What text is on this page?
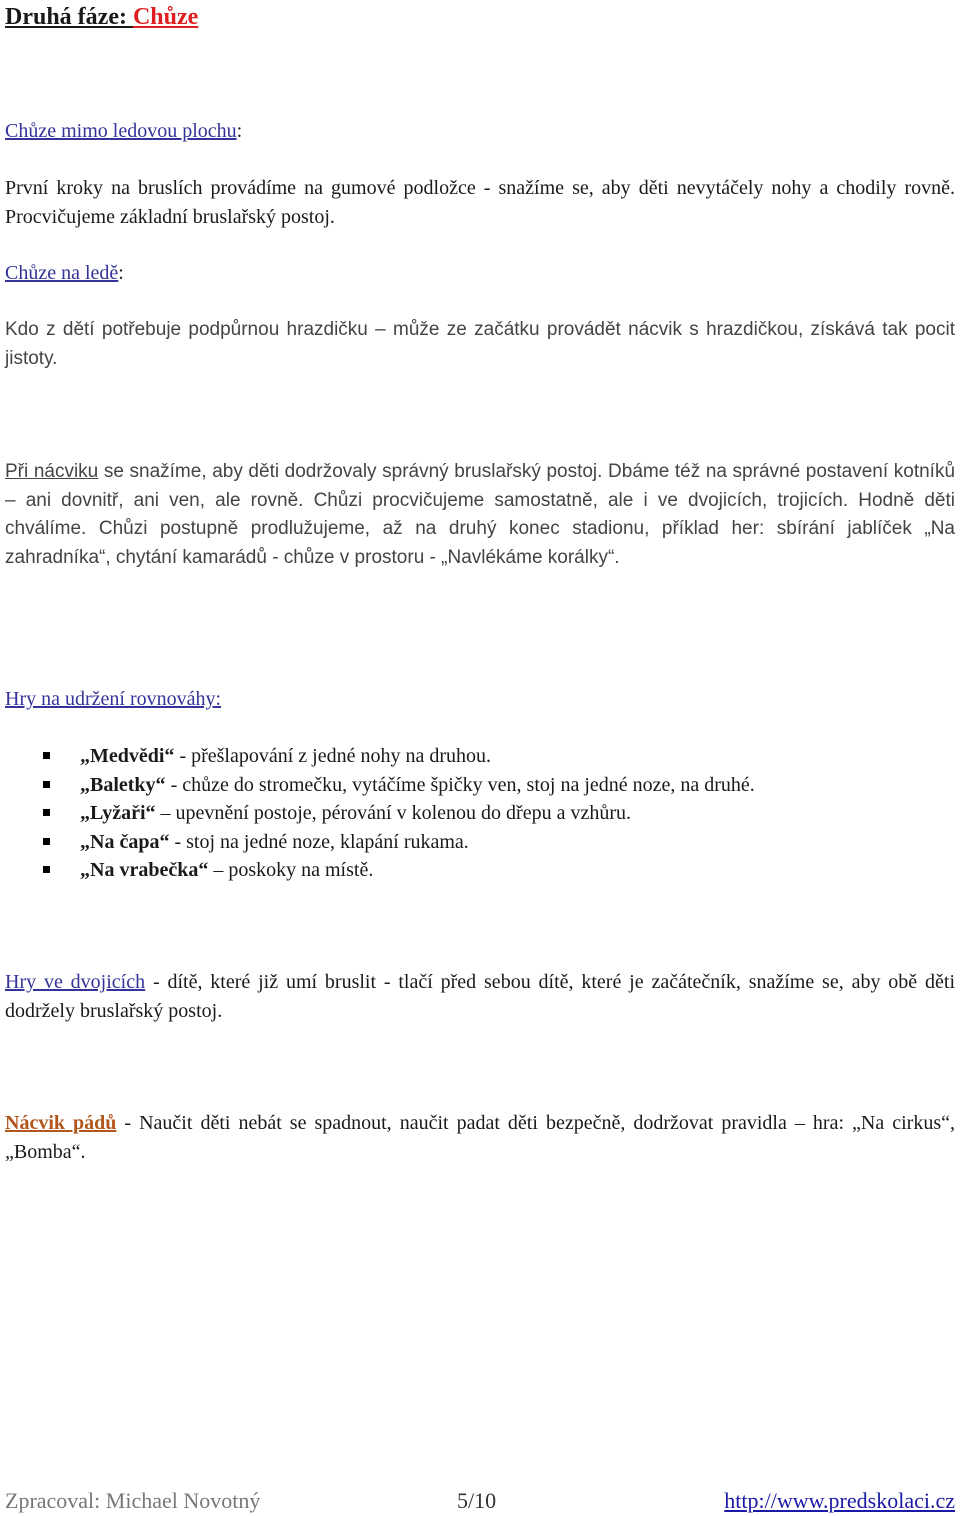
Druhá fáze: Chůze
Chůze mimo ledovou plochu:
První kroky na bruslích provádíme na gumové podložce - snažíme se, aby děti nevytáčely nohy a chodily rovně. Procvičujeme základní bruslařský postoj.
Chůze na ledě:
Kdo z dětí potřebuje podpůrnou hrazdičku – může ze začátku provádět nácvik s hrazdičkou, získává tak pocit jistoty.
Při nácviku se snažíme, aby děti dodržovaly správný bruslařský postoj. Dbáme též na správné postavení kotníků – ani dovnitř, ani ven, ale rovně. Chůzi procvičujeme samostatně, ale i ve dvojicích, trojicích. Hodně děti chválíme. Chůzi postupně prodlužujeme, až na druhý konec stadionu, příklad her: sbírání jablíček „Na zahradníka“, chytání kamarádů - chůze v prostoru - „Navlékáme korálky“.
Hry na udržení rovnováhy:
„Medvědi“ - přešlapování z jedné nohy na druhou.
„Baletky“ - chůze do stromečku, vytáčíme špičky ven, stoj na jedné noze, na druhé.
„Lyžaři“ – upevnění postoje, pérování v kolenou do dřepu a vzhůru.
„Na čapa“ - stoj na jedné noze, klapání rukama.
„Na vrabečka“ – poskoky na místě.
Hry ve dvojicích - dítě, které již umí bruslit - tlačí před sebou dítě, které je začátečník, snažíme se, aby obě děti dodržely bruslařský postoj.
Nácvik pádů - Naučit děti nebát se spadnout, naučit padat děti bezpečně, dodržovat pravidla – hra: „Na cirkus“, „Bomba“.
Zpracoval: Michael Novotný	5/10	http://www.predskolaci.cz
